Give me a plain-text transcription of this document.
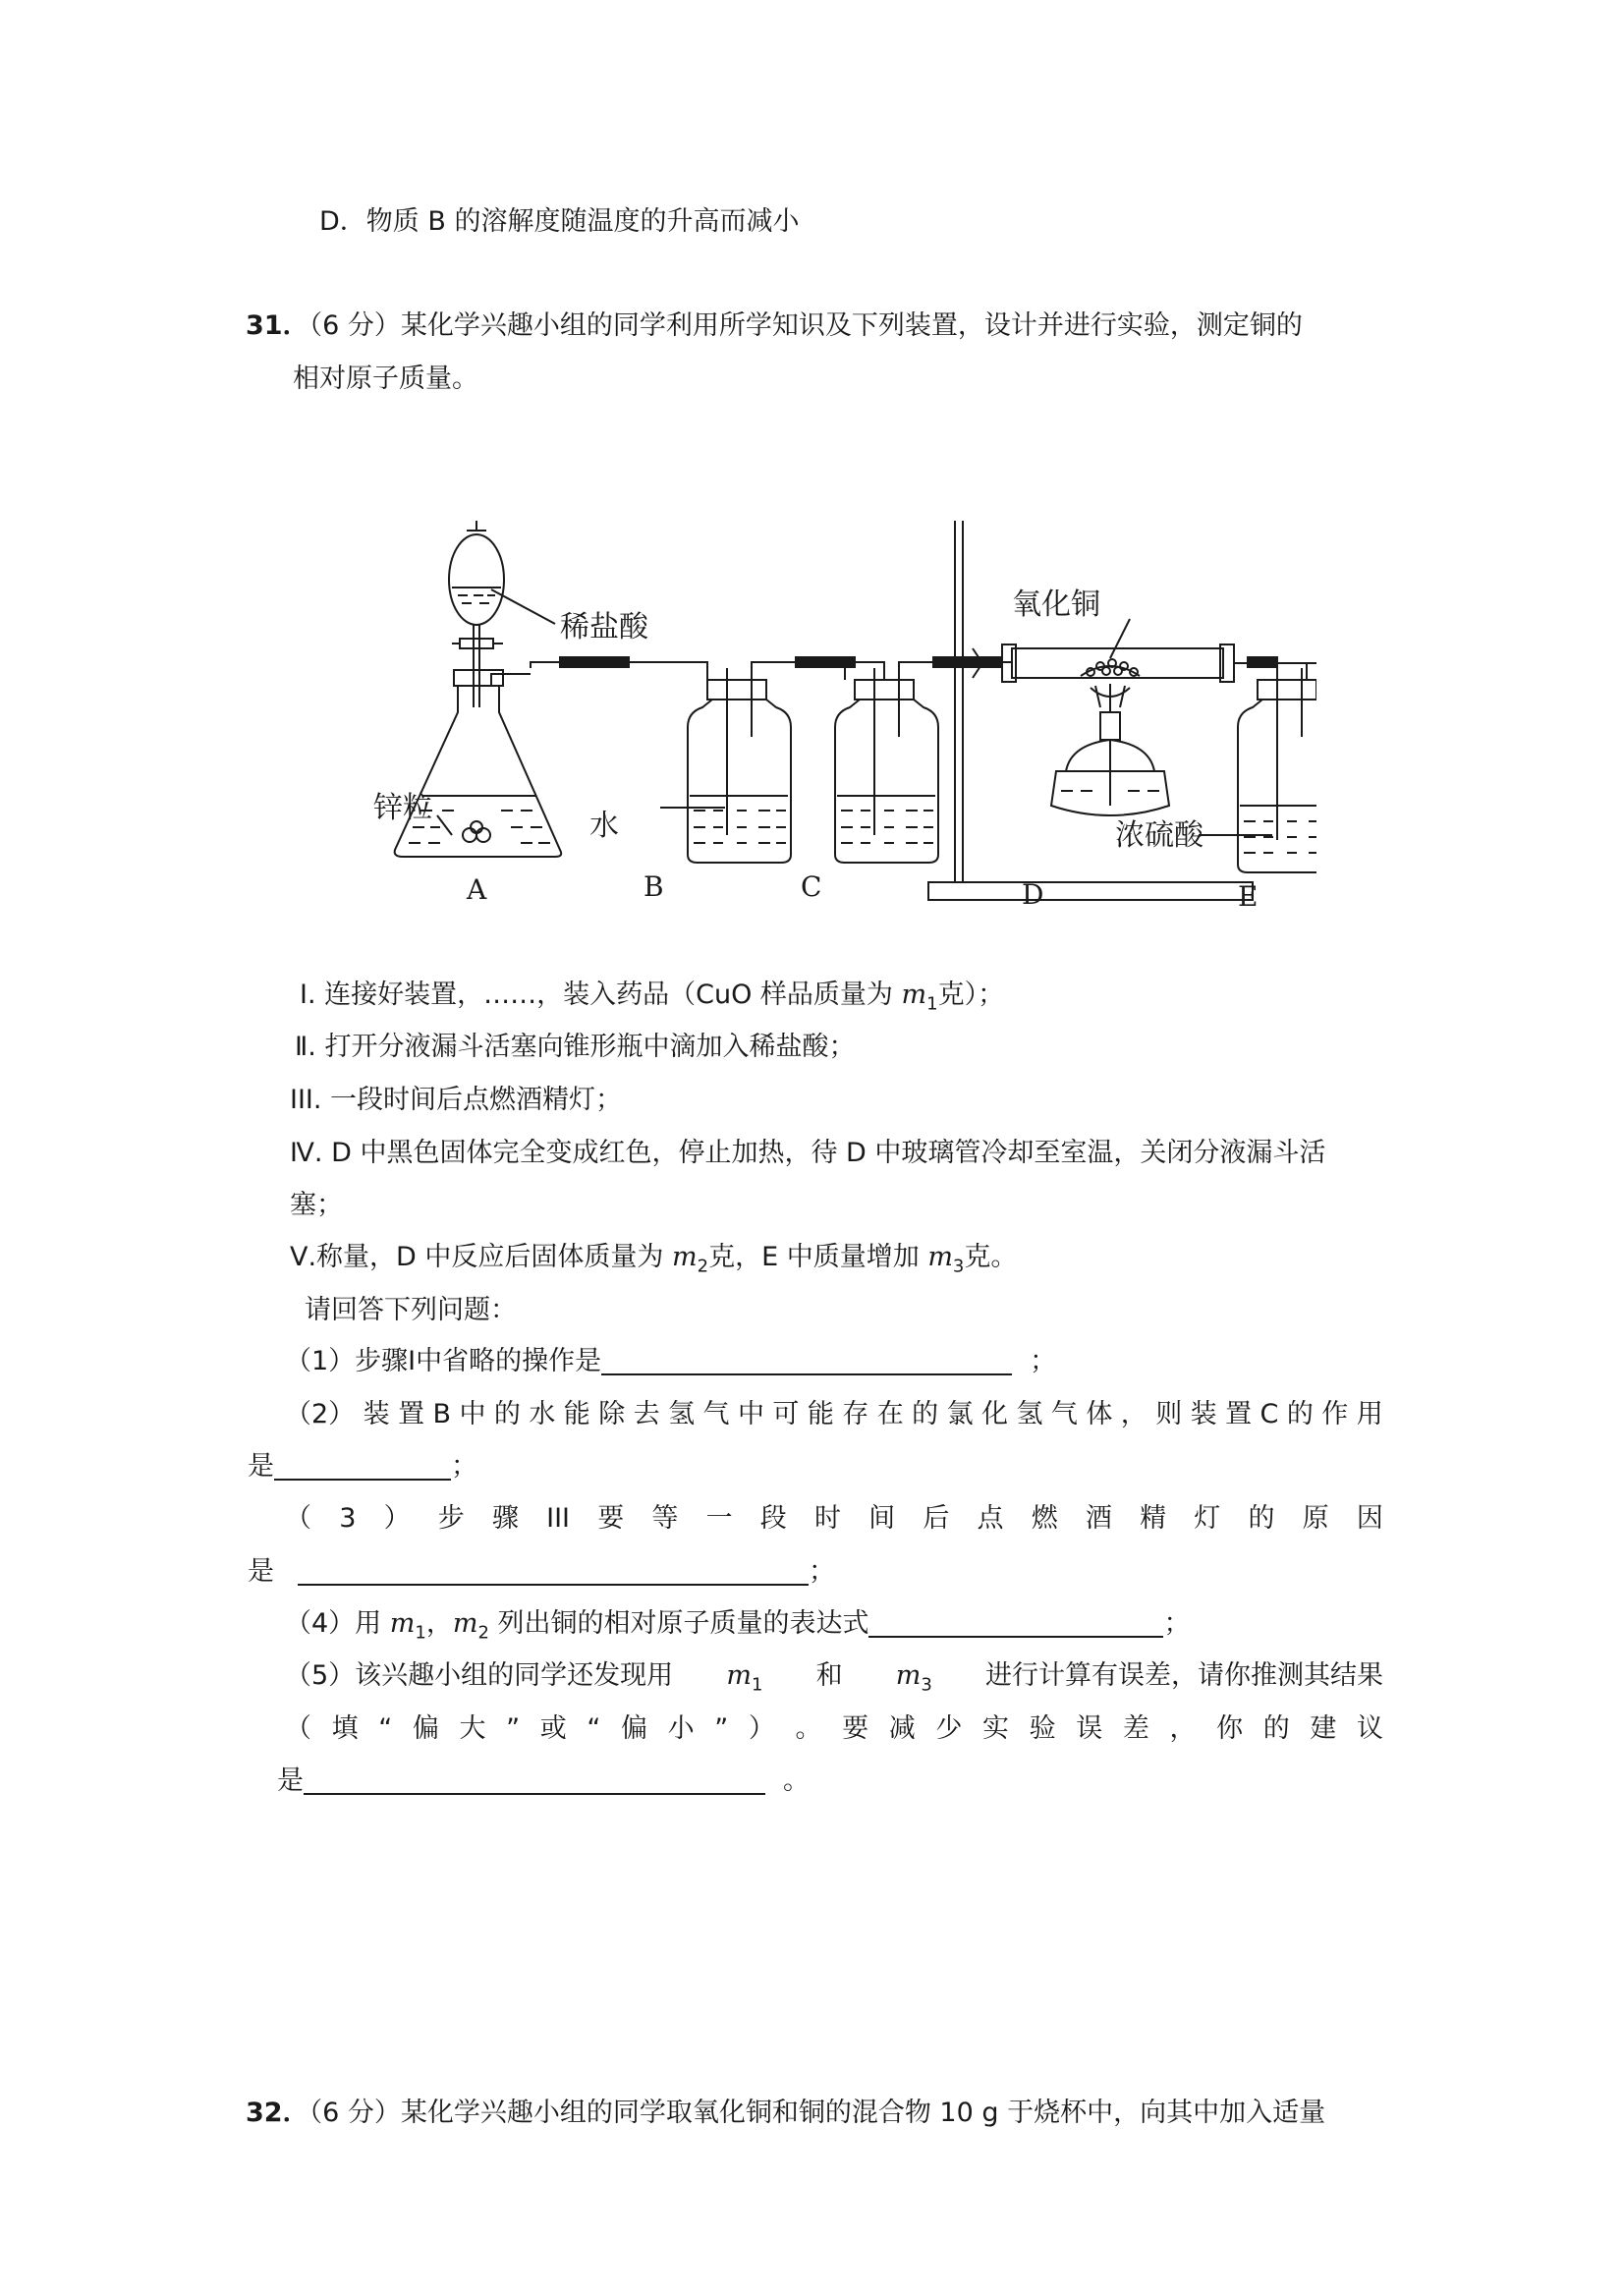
D．物质 B 的溶解度随温度的升高而减小
31．（6 分）某化学兴趣小组的同学利用所学知识及下列装置，设计并进行实验，测定铜的
相对原子质量。
稀盐酸
锌粒
水
氧化铜
浓硫酸
A	B	C	D	E
Ⅰ. 连接好装置，……，装入药品（CuO 样品质量为 $m_1$克）；
Ⅱ. 打开分液漏斗活塞向锥形瓶中滴加入稀盐酸；
III. 一段时间后点燃酒精灯；
Ⅳ. D 中黑色固体完全变成红色，停止加热，待 D 中玻璃管冷却至室温，关闭分液漏斗活
塞；
Ⅴ.称量，D 中反应后固体质量为 $m_2$克，E 中质量增加 $m_3$克。
请回答下列问题：
（1）步骤Ⅰ中省略的操作是	；
（2） 装 置 B 中 的 水 能 除 去 氢 气 中 可 能 存 在 的 氯 化 氢 气 体 ， 则 装 置 C 的 作 用
是	；
（ 3 ） 步 骤 III 要 等 一 段 时 间 后 点 燃 酒 精 灯 的 原 因
是	；
（4）用 $m_1$，$m_2$ 列出铜的相对原子质量的表达式	；
（5）该兴趣小组的同学还发现用 $m_1$ 和 $m_3$ 进行计算有误差，请你推测其结果
（ 填 “ 偏 大 ” 或 “ 偏 小 ” ） 。 要 减 少 实 验 误 差 ， 你 的 建 议
是	。
32．（6 分）某化学兴趣小组的同学取氧化铜和铜的混合物 10 g 于烧杯中，向其中加入适量
